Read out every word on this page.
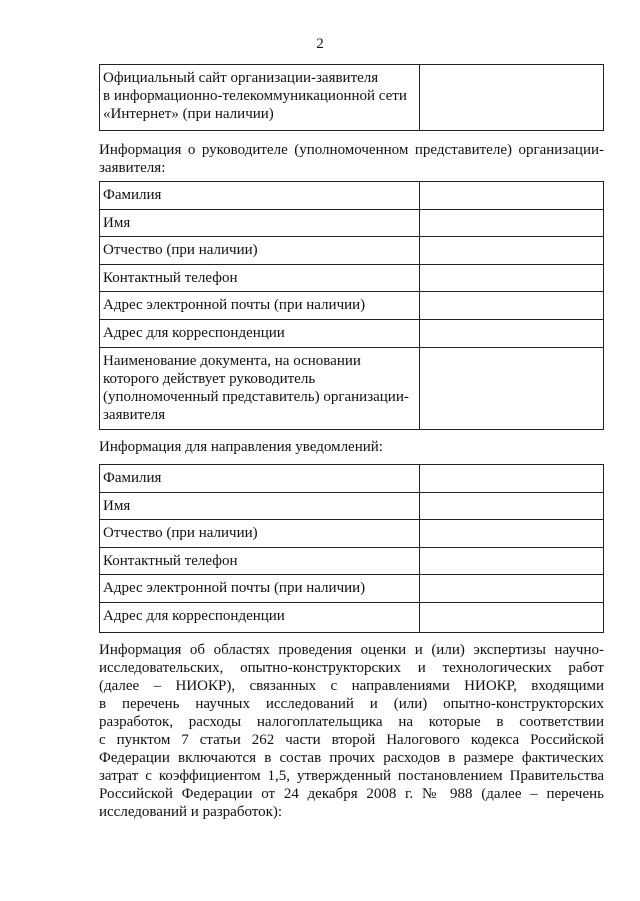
2
Официальный сайт организации-заявителя
в информационно-телекоммуникационной сети
«Интернет» (при наличии)

Информация о руководителе (уполномоченном представителе) организации-
заявителя:
Фамилия	
Имя	
Отчество (при наличии)	
Контактный телефон	
Адрес электронной почты (при наличии)	
Адрес для корреспонденции	

Наименование документа, на основании
которого действует руководитель
(уполномоченный представитель) организации-
заявителя	

Информация для направления уведомлений:
Фамилия	
Имя	
Отчество (при наличии)	
Контактный телефон	
Адрес электронной почты (при наличии)	
Адрес для корреспонденции	
Информация об областях проведения оценки и (или) экспертизы научно-
исследовательских, опытно-конструкторских и технологических работ
(далее – НИОКР), связанных с направлениями НИОКР, входящими
в перечень научных исследований и (или) опытно-конструкторских
разработок, расходы налогоплательщика на которые в соответствии
с пунктом 7 статьи 262 части второй Налогового кодекса Российской
Федерации включаются в состав прочих расходов в размере фактических
затрат с коэффициентом 1,5, утвержденный постановлением Правительства
Российской Федерации от 24 декабря 2008 г. № 988 (далее – перечень
исследований и разработок):
